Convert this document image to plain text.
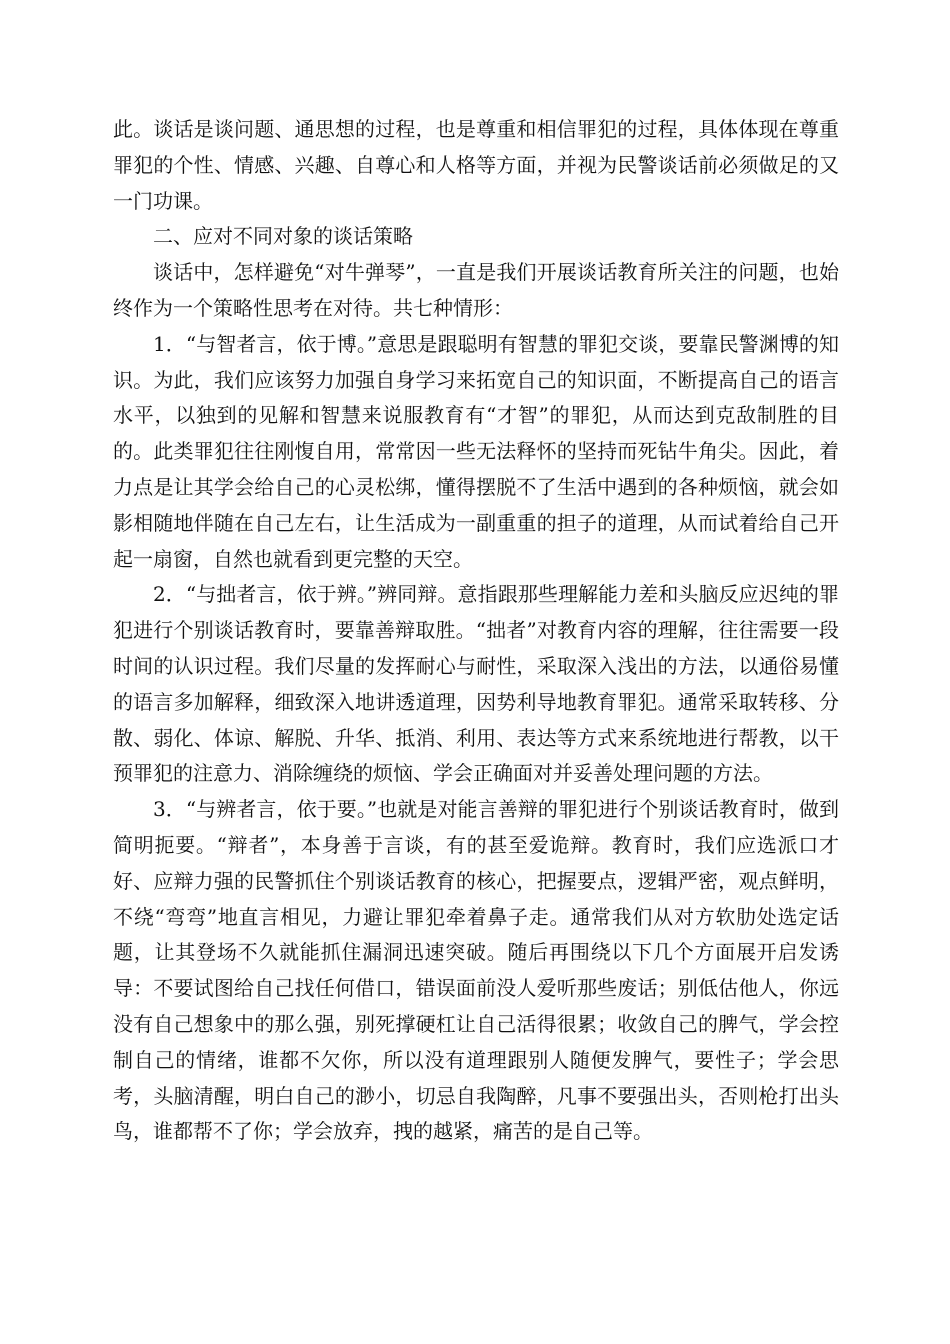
此。谈话是谈问题、通思想的过程，也是尊重和相信罪犯的过程，具体体现在尊重罪犯的个性、情感、兴趣、自尊心和人格等方面，并视为民警谈话前必须做足的又一门功课。

二、应对不同对象的谈话策略

谈话中，怎样避免“对牛弹琴”，一直是我们开展谈话教育所关注的问题，也始终作为一个策略性思考在对待。共七种情形：

1．“与智者言，依于博。”意思是跟聪明有智慧的罪犯交谈，要靠民警渊博的知识。为此，我们应该努力加强自身学习来拓宽自己的知识面，不断提高自己的语言水平，以独到的见解和智慧来说服教育有“才智”的罪犯，从而达到克敌制胜的目的。此类罪犯往往刚愎自用，常常因一些无法释怀的坚持而死钻牛角尖。因此，着力点是让其学会给自己的心灵松绑，懂得摆脱不了生活中遇到的各种烦恼，就会如影相随地伴随在自己左右，让生活成为一副重重的担子的道理，从而试着给自己开起一扇窗，自然也就看到更完整的天空。

2．“与拙者言，依于辨。”辨同辩。意指跟那些理解能力差和头脑反应迟纯的罪犯进行个别谈话教育时，要靠善辩取胜。“拙者”对教育内容的理解，往往需要一段时间的认识过程。我们尽量的发挥耐心与耐性，采取深入浅出的方法，以通俗易懂的语言多加解释，细致深入地讲透道理，因势利导地教育罪犯。通常采取转移、分散、弱化、体谅、解脱、升华、抵消、利用、表达等方式来系统地进行帮教，以干预罪犯的注意力、消除缠绕的烦恼、学会正确面对并妥善处理问题的方法。

3．“与辨者言，依于要。”也就是对能言善辩的罪犯进行个别谈话教育时，做到简明扼要。“辩者”，本身善于言谈，有的甚至爱诡辩。教育时，我们应选派口才好、应辩力强的民警抓住个别谈话教育的核心，把握要点，逻辑严密，观点鲜明，不绕“弯弯”地直言相见，力避让罪犯牵着鼻子走。通常我们从对方软肋处选定话题，让其登场不久就能抓住漏洞迅速突破。随后再围绕以下几个方面展开启发诱导：不要试图给自己找任何借口，错误面前没人爱听那些废话；别低估他人，你远没有自己想象中的那么强，别死撑硬杠让自己活得很累；收敛自己的脾气，学会控制自己的情绪，谁都不欠你，所以没有道理跟别人随便发脾气，要性子；学会思考，头脑清醒，明白自己的渺小，切忌自我陶醉，凡事不要强出头，否则枪打出头鸟，谁都帮不了你；学会放弃，拽的越紧，痛苦的是自己等。
